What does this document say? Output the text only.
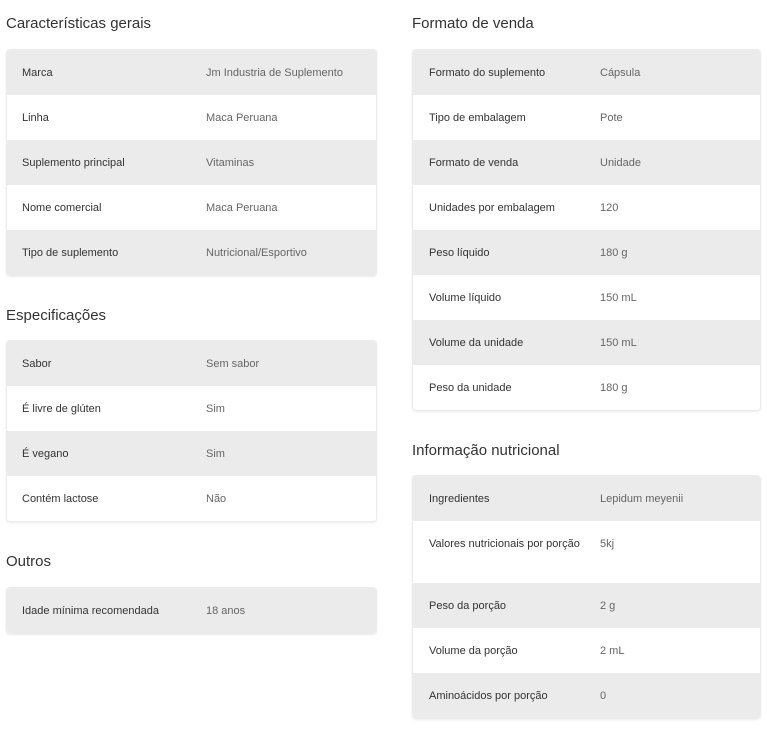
Características gerais
Marca	Jm Industria de Suplemento
Linha	Maca Peruana
Suplemento principal	Vitaminas
Nome comercial	Maca Peruana
Tipo de suplemento	Nutricional/Esportivo
Especificações
Sabor	Sem sabor
É livre de glúten	Sim
É vegano	Sim
Contém lactose	Não
Outros
Idade mínima recomendada	18 anos
Formato de venda
Formato do suplemento	Cápsula
Tipo de embalagem	Pote
Formato de venda	Unidade
Unidades por embalagem	120
Peso líquido	180 g
Volume líquido	150 mL
Volume da unidade	150 mL
Peso da unidade	180 g
Informação nutricional
Ingredientes	Lepidum meyenii
Valores nutricionais por porção	5kj
Peso da porção	2 g
Volume da porção	2 mL
Aminoácidos por porção	0
